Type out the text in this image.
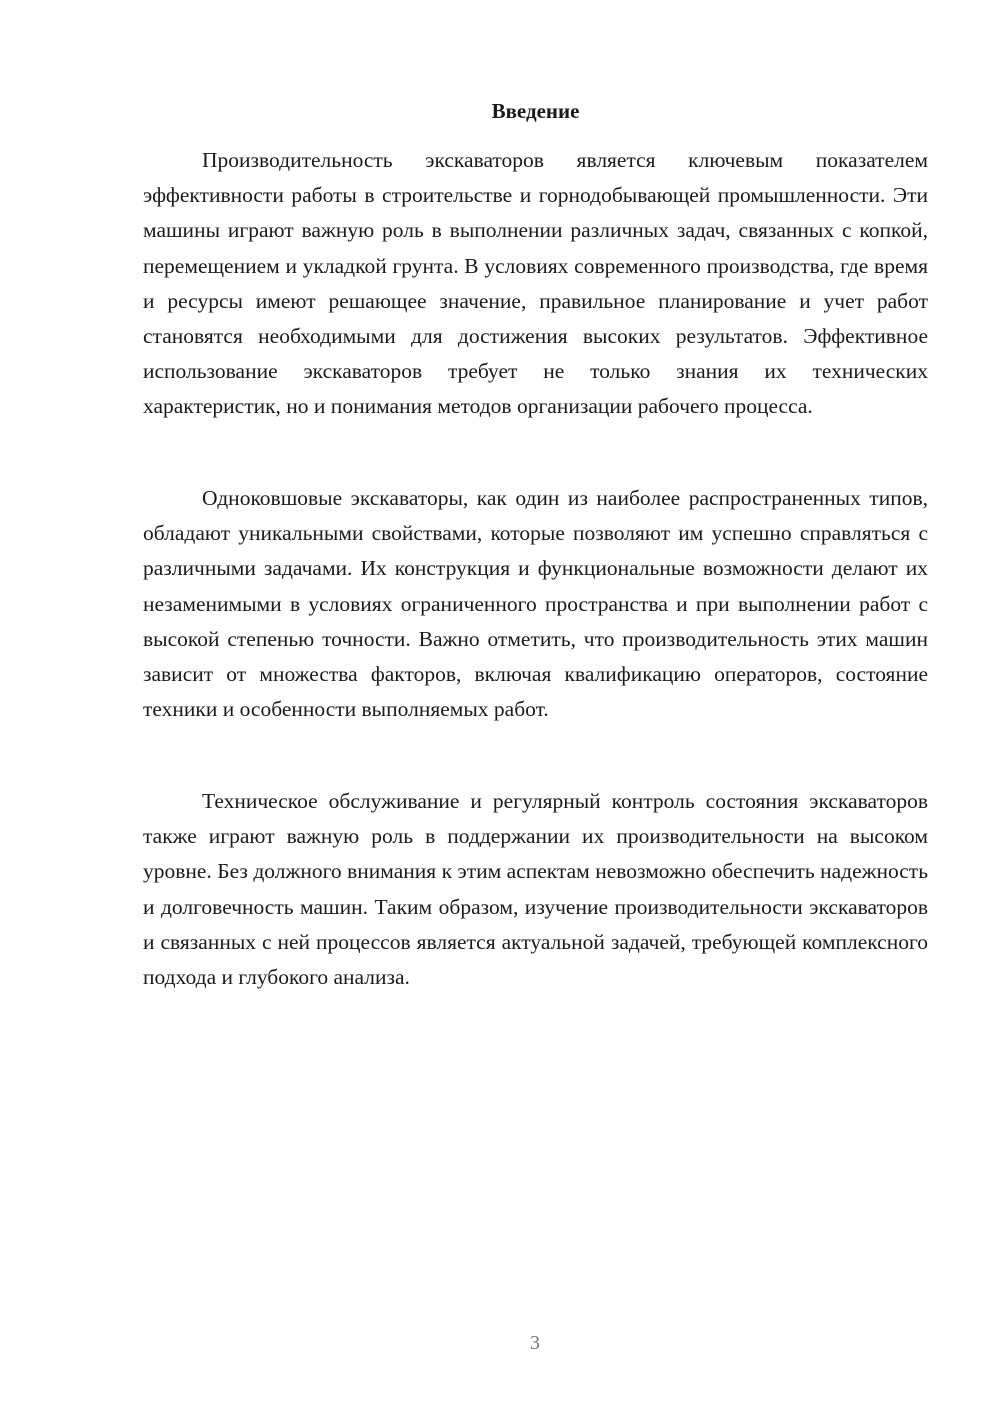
Введение

Производительность экскаваторов является ключевым показателем эффективности работы в строительстве и горнодобывающей промышленности. Эти машины играют важную роль в выполнении различных задач, связанных с копкой, перемещением и укладкой грунта. В условиях современного производства, где время и ресурсы имеют решающее значение, правильное планирование и учет работ становятся необходимыми для достижения высоких результатов. Эффективное использование экскаваторов требует не только знания их технических характеристик, но и понимания методов организации рабочего процесса.

Одноковшовые экскаваторы, как один из наиболее распространенных типов, обладают уникальными свойствами, которые позволяют им успешно справляться с различными задачами. Их конструкция и функциональные возможности делают их незаменимыми в условиях ограниченного пространства и при выполнении работ с высокой степенью точности. Важно отметить, что производительность этих машин зависит от множества факторов, включая квалификацию операторов, состояние техники и особенности выполняемых работ.

Техническое обслуживание и регулярный контроль состояния экскаваторов также играют важную роль в поддержании их производительности на высоком уровне. Без должного внимания к этим аспектам невозможно обеспечить надежность и долговечность машин. Таким образом, изучение производительности экскаваторов и связанных с ней процессов является актуальной задачей, требующей комплексного подхода и глубокого анализа.

3
